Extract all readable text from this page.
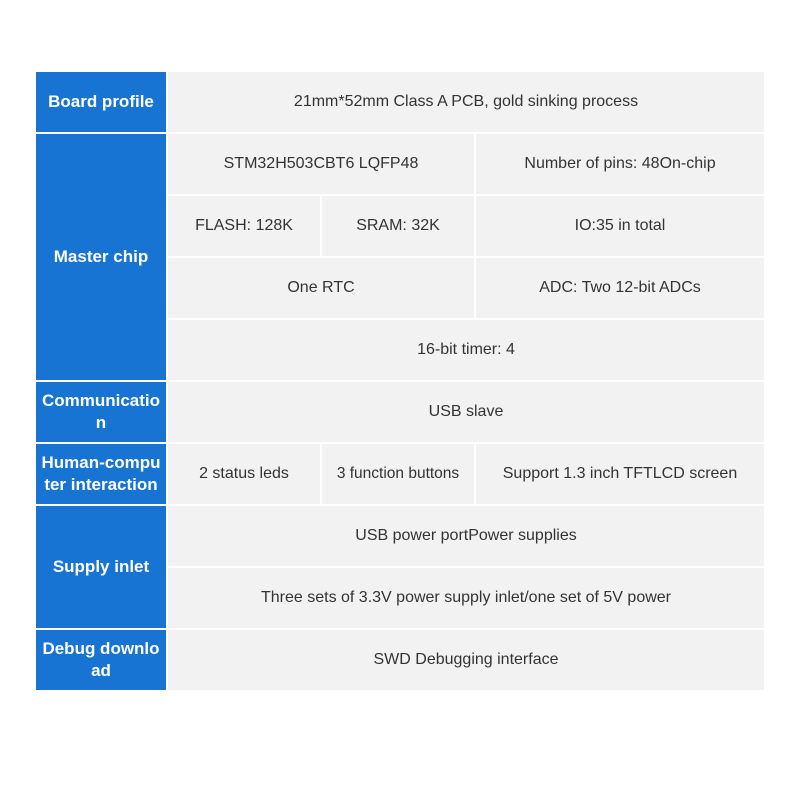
Board profile	21mm*52mm Class A PCB, gold sinking process		
Master chip	STM32H503CBT6 LQFP48		Number of pins: 48On-chip
	FLASH: 128K	SRAM: 32K	IO:35 in total
	One RTC		ADC: Two 12-bit ADCs
	16-bit timer: 4		
Communication	USB slave		
Human-computer interaction	2 status leds	3 function buttons	Support 1.3 inch TFTLCD screen
Supply inlet	USB power portPower supplies		
	Three sets of 3.3V power supply inlet/one set of 5V power		
Debug download	SWD Debugging interface		
